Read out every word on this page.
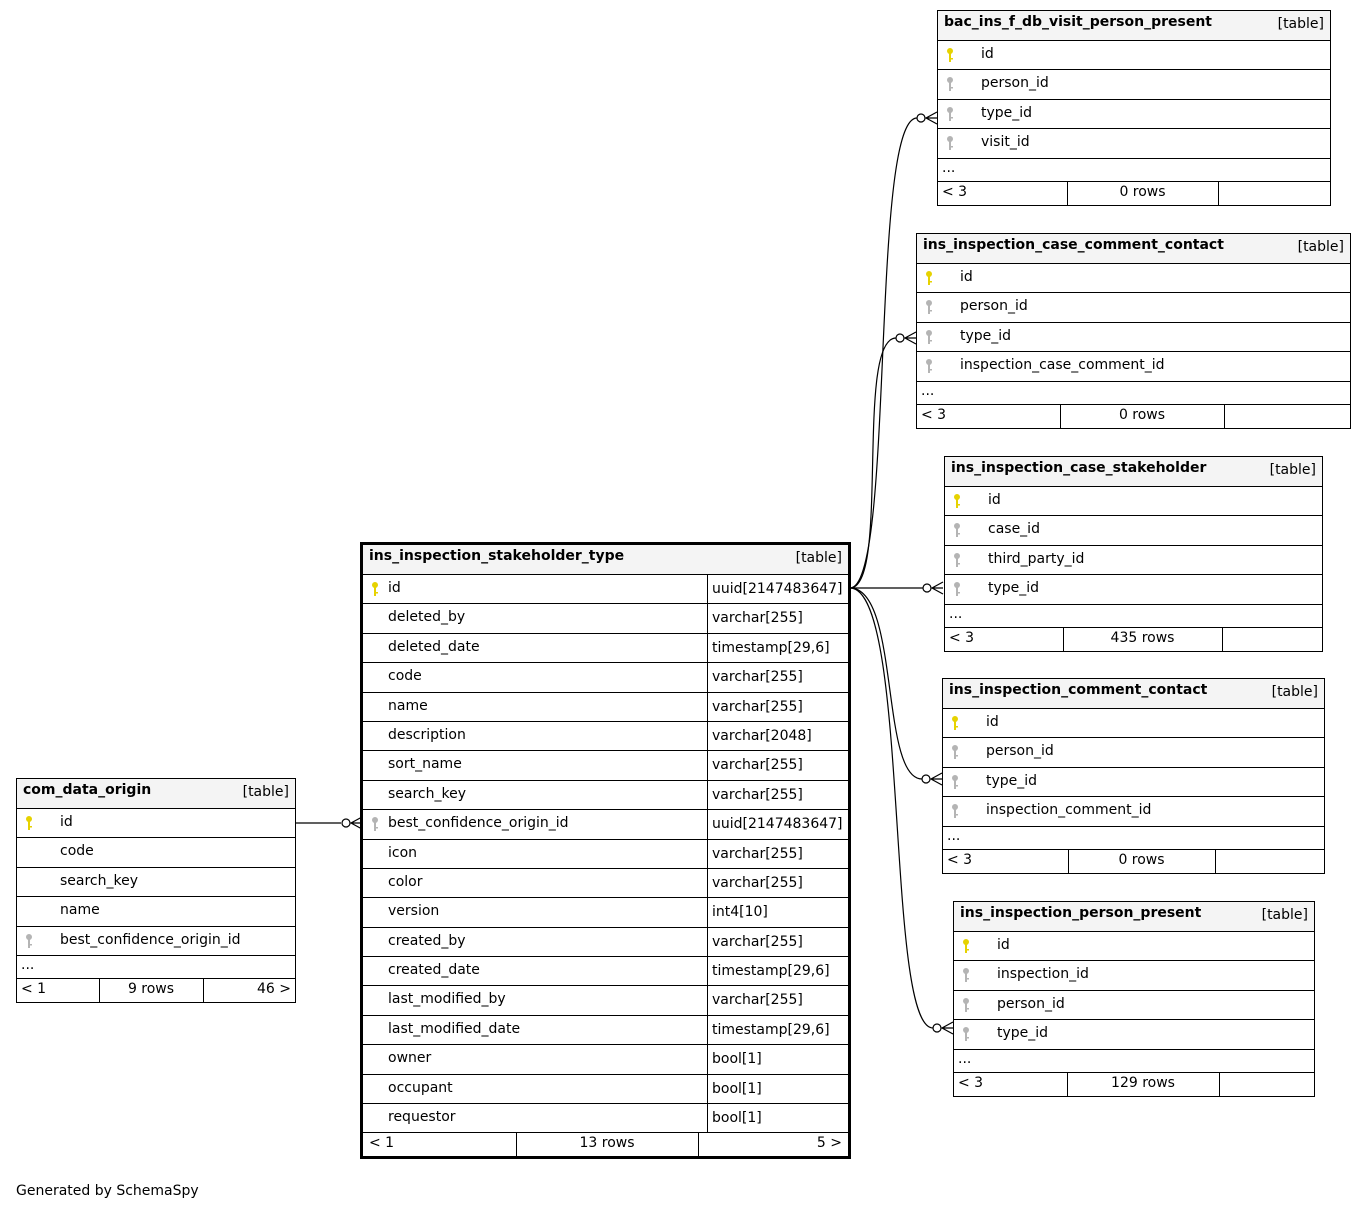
ins_inspection_stakeholder_type	[table]
id	uuid[2147483647]
deleted_by	varchar[255]
deleted_date	timestamp[29,6]
code	varchar[255]
name	varchar[255]
description	varchar[2048]
sort_name	varchar[255]
search_key	varchar[255]
best_confidence_origin_id	uuid[2147483647]
icon	varchar[255]
color	varchar[255]
version	int4[10]
created_by	varchar[255]
created_date	timestamp[29,6]
last_modified_by	varchar[255]
last_modified_date	timestamp[29,6]
owner	bool[1]
occupant	bool[1]
requestor	bool[1]
< 1	13 rows	5 >
com_data_origin	[table]
id
code
search_key
name
best_confidence_origin_id
...
< 1	9 rows	46 >
bac_ins_f_db_visit_person_present	[table]
id
person_id
type_id
visit_id
...
< 3	0 rows
ins_inspection_case_comment_contact	[table]
id
person_id
type_id
inspection_case_comment_id
...
< 3	0 rows
ins_inspection_case_stakeholder	[table]
id
case_id
third_party_id
type_id
...
< 3	435 rows
ins_inspection_comment_contact	[table]
id
person_id
type_id
inspection_comment_id
...
< 3	0 rows
ins_inspection_person_present	[table]
id
inspection_id
person_id
type_id
...
< 3	129 rows
Generated by SchemaSpy
